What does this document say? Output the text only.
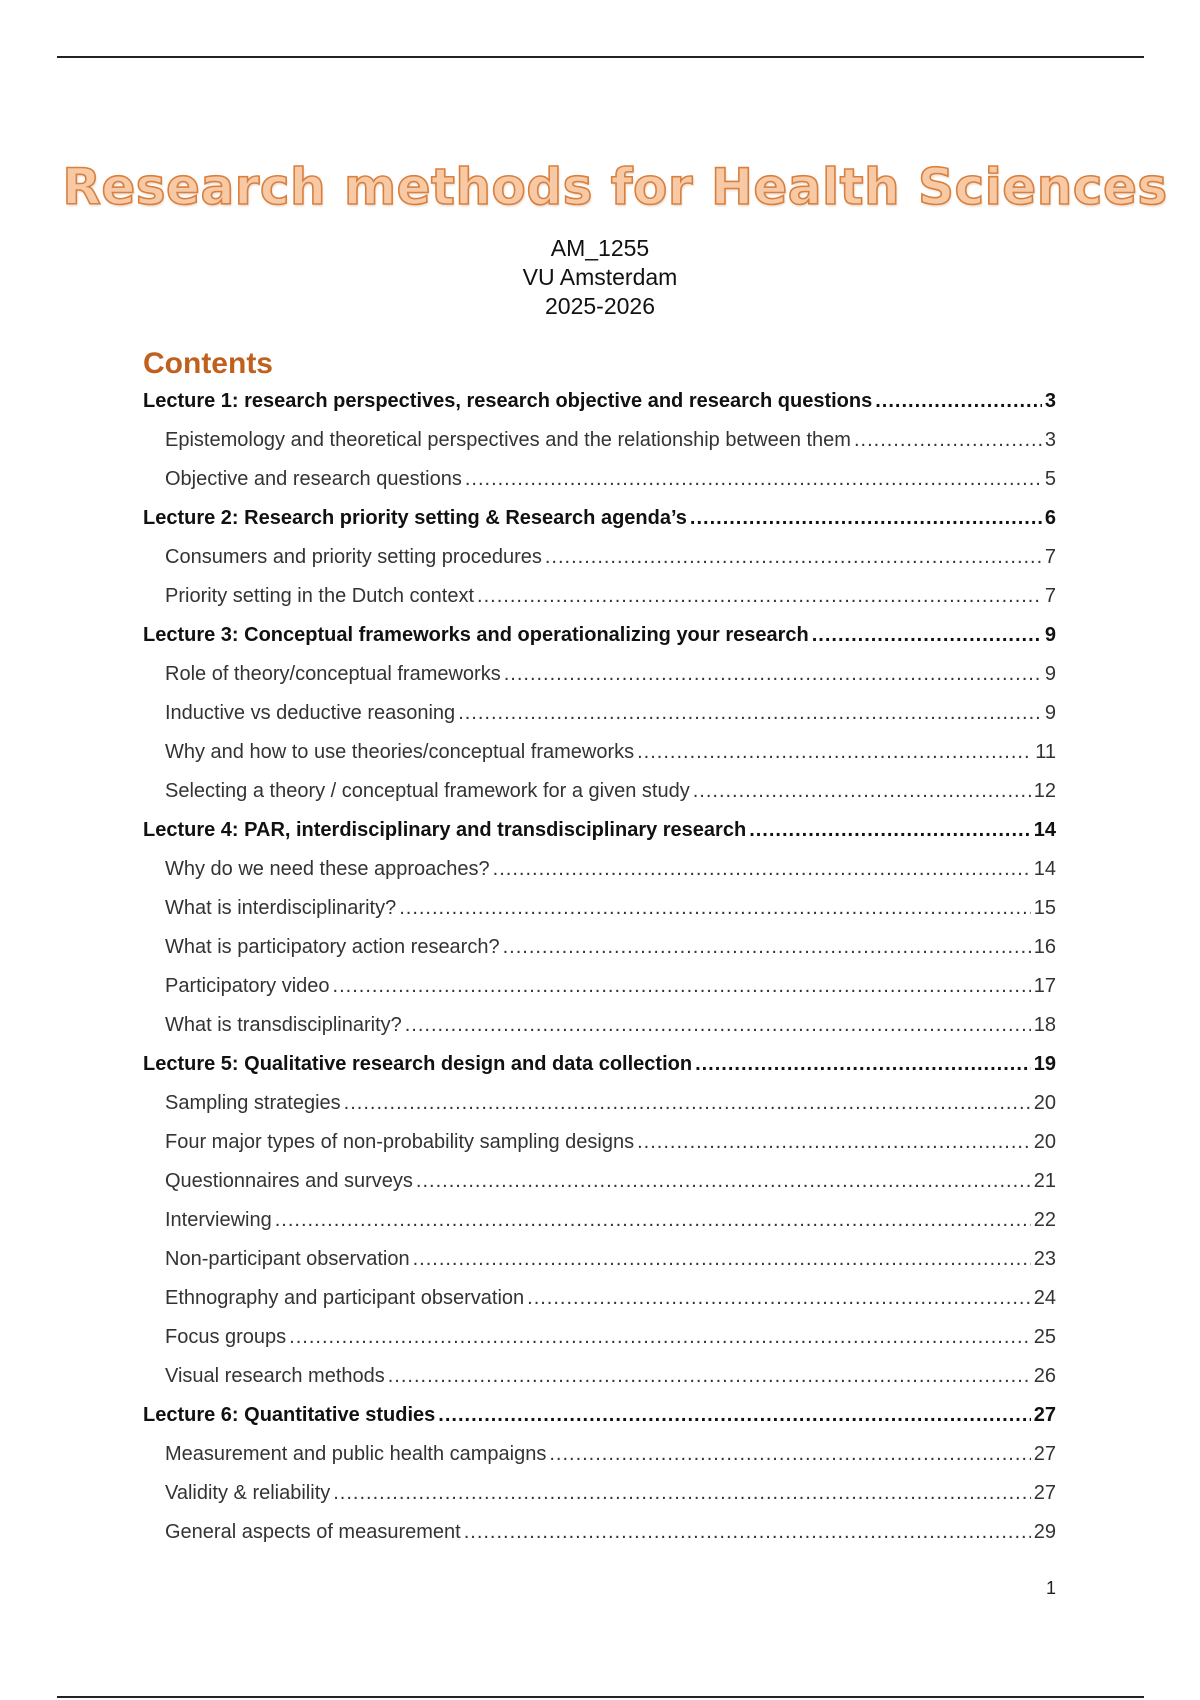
Research methods for Health Sciences
AM_1255
VU Amsterdam
2025-2026
Contents
Lecture 1: research perspectives, research objective and research questions .....	3
Epistemology and theoretical perspectives and the relationship between them .....	3
Objective and research questions .....	5
Lecture 2: Research priority setting & Research agenda’s .....	6
Consumers and priority setting procedures .....	7
Priority setting in the Dutch context .....	7
Lecture 3: Conceptual frameworks and operationalizing your research .....	9
Role of theory/conceptual frameworks .....	9
Inductive vs deductive reasoning .....	9
Why and how to use theories/conceptual frameworks .....	11
Selecting a theory / conceptual framework for a given study .....	12
Lecture 4: PAR, interdisciplinary and transdisciplinary research .....	14
Why do we need these approaches? .....	14
What is interdisciplinarity? .....	15
What is participatory action research? .....	16
Participatory video .....	17
What is transdisciplinarity? .....	18
Lecture 5: Qualitative research design and data collection .....	19
Sampling strategies .....	20
Four major types of non-probability sampling designs .....	20
Questionnaires and surveys .....	21
Interviewing .....	22
Non-participant observation .....	23
Ethnography and participant observation .....	24
Focus groups .....	25
Visual research methods .....	26
Lecture 6: Quantitative studies .....	27
Measurement and public health campaigns .....	27
Validity & reliability .....	27
General aspects of measurement .....	29
1
